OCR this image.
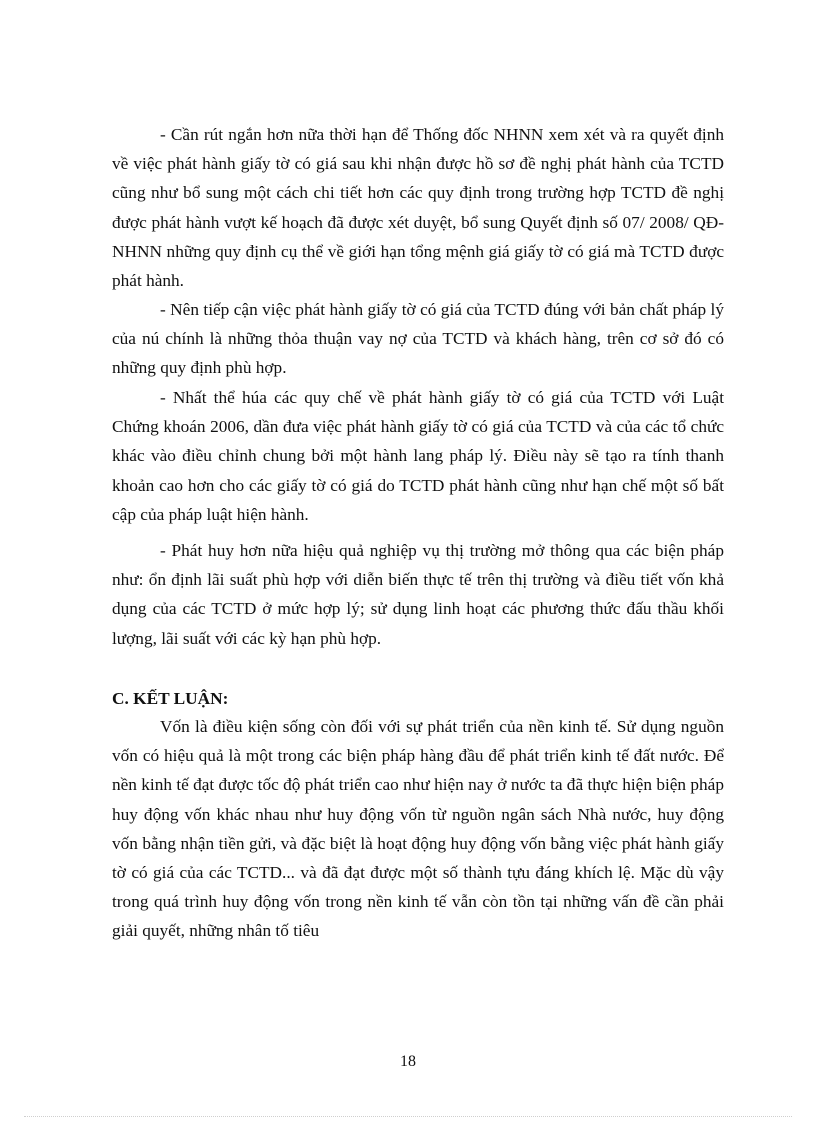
- Cần rút ngắn hơn nữa thời hạn để Thống đốc NHNN xem xét và ra quyết định về việc phát hành giấy tờ có giá sau khi nhận được hồ sơ đề nghị phát hành của TCTD cũng như bổ sung một cách chi tiết hơn các quy định trong trường hợp TCTD đề nghị được phát hành vượt kế hoạch đã được xét duyệt, bổ sung Quyết định số 07/ 2008/ QĐ-NHNN những quy định cụ thể về giới hạn tổng mệnh giá giấy tờ có giá mà TCTD được phát hành.

- Nên tiếp cận việc phát hành giấy tờ có giá của TCTD đúng với bản chất pháp lý của nú chính là những thỏa thuận vay nợ của TCTD và khách hàng, trên cơ sở đó có những quy định phù hợp.

- Nhất thể húa các quy chế về phát hành giấy tờ có giá của TCTD với Luật Chứng khoán 2006, dần đưa việc phát hành giấy tờ có giá của TCTD và của các tổ chức khác vào điều chỉnh chung bởi một hành lang pháp lý. Điều này sẽ tạo ra tính thanh khoản cao hơn cho các giấy tờ có giá do TCTD phát hành cũng như hạn chế một số bất cập của pháp luật hiện hành.

- Phát huy hơn nữa hiệu quả nghiệp vụ thị trường mở thông qua các biện pháp như: ổn định lãi suất phù hợp với diễn biến thực tế trên thị trường và điều tiết vốn khả dụng của các TCTD ở mức hợp lý; sử dụng linh hoạt các phương thức đấu thầu khối lượng, lãi suất với các kỳ hạn phù hợp.

C. KẾT LUẬN:

Vốn là điều kiện sống còn đối với sự phát triển của nền kinh tế. Sử dụng nguồn vốn có hiệu quả là một trong các biện pháp hàng đầu để phát triển kinh tế đất nước. Để nền kinh tế đạt được tốc độ phát triển cao như hiện nay ở nước ta đã thực hiện biện pháp huy động vốn khác nhau như huy động vốn từ nguồn ngân sách Nhà nước, huy động vốn bằng nhận tiền gửi, và đặc biệt là hoạt động huy động vốn bằng việc phát hành giấy tờ có giá của các TCTD... và đã đạt được một số thành tựu đáng khích lệ. Mặc dù vậy trong quá trình huy động vốn trong nền kinh tế vẫn còn tồn tại những vấn đề cần phải giải quyết, những nhân tố tiêu

18
